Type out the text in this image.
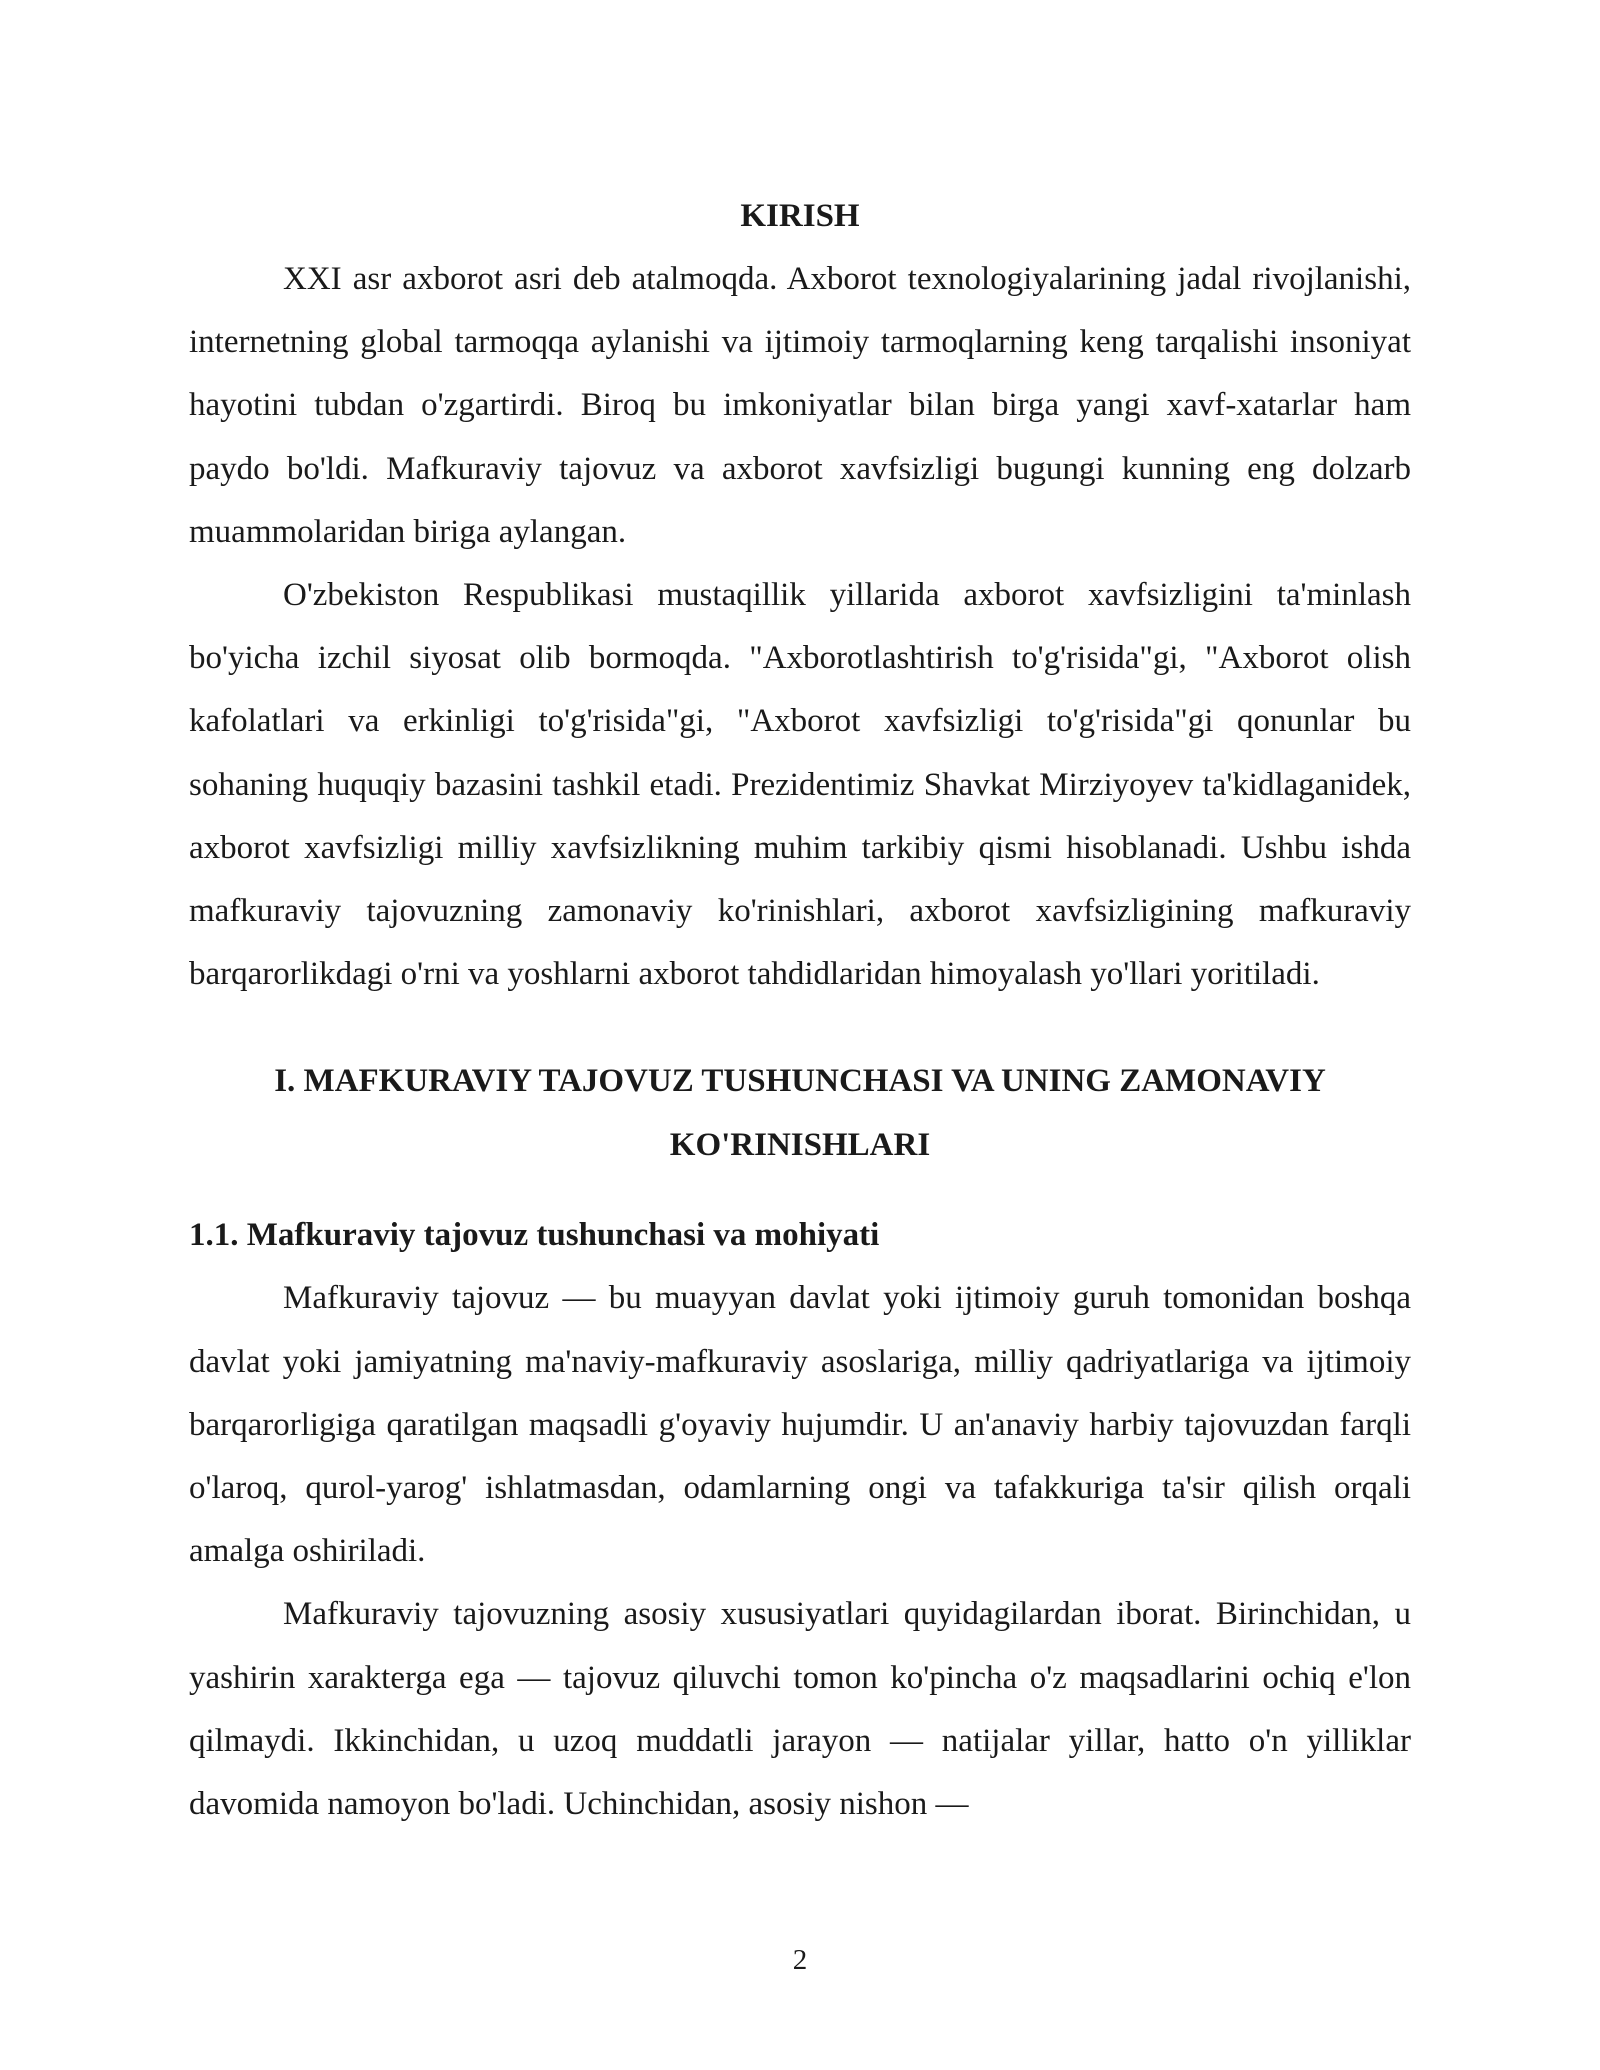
KIRISH

XXI asr axborot asri deb atalmoqda. Axborot texnologiyalarining jadal rivojlanishi, internetning global tarmoqqa aylanishi va ijtimoiy tarmoqlarning keng tarqalishi insoniyat hayotini tubdan o'zgartirdi. Biroq bu imkoniyatlar bilan birga yangi xavf-xatarlar ham paydo bo'ldi. Mafkuraviy tajovuz va axborot xavfsizligi bugungi kunning eng dolzarb muammolaridan biriga aylangan.

O'zbekiston Respublikasi mustaqillik yillarida axborot xavfsizligini ta'minlash bo'yicha izchil siyosat olib bormoqda. "Axborotlashtirish to'g'risida"gi, "Axborot olish kafolatlari va erkinligi to'g'risida"gi, "Axborot xavfsizligi to'g'risida"gi qonunlar bu sohaning huquqiy bazasini tashkil etadi. Prezidentimiz Shavkat Mirziyoyev ta'kidlaganidek, axborot xavfsizligi milliy xavfsizlikning muhim tarkibiy qismi hisoblanadi. Ushbu ishda mafkuraviy tajovuzning zamonaviy ko'rinishlari, axborot xavfsizligining mafkuraviy barqarorlikdagi o'rni va yoshlarni axborot tahdidlaridan himoyalash yo'llari yoritiladi.

I. MAFKURAVIY TAJOVUZ TUSHUNCHASI VA UNING ZAMONAVIY KO'RINISHLARI
1.1. Mafkuraviy tajovuz tushunchasi va mohiyati

Mafkuraviy tajovuz — bu muayyan davlat yoki ijtimoiy guruh tomonidan boshqa davlat yoki jamiyatning ma'naviy-mafkuraviy asoslariga, milliy qadriyatlariga va ijtimoiy barqarorligiga qaratilgan maqsadli g'oyaviy hujumdir. U an'anaviy harbiy tajovuzdan farqli o'laroq, qurol-yarog' ishlatmasdan, odamlarning ongi va tafakkuriga ta'sir qilish orqali amalga oshiriladi.

Mafkuraviy tajovuzning asosiy xususiyatlari quyidagilardan iborat. Birinchidan, u yashirin xarakterga ega — tajovuz qiluvchi tomon ko'pincha o'z maqsadlarini ochiq e'lon qilmaydi. Ikkinchidan, u uzoq muddatli jarayon — natijalar yillar, hatto o'n yilliklar davomida namoyon bo'ladi. Uchinchidan, asosiy nishon —

2
